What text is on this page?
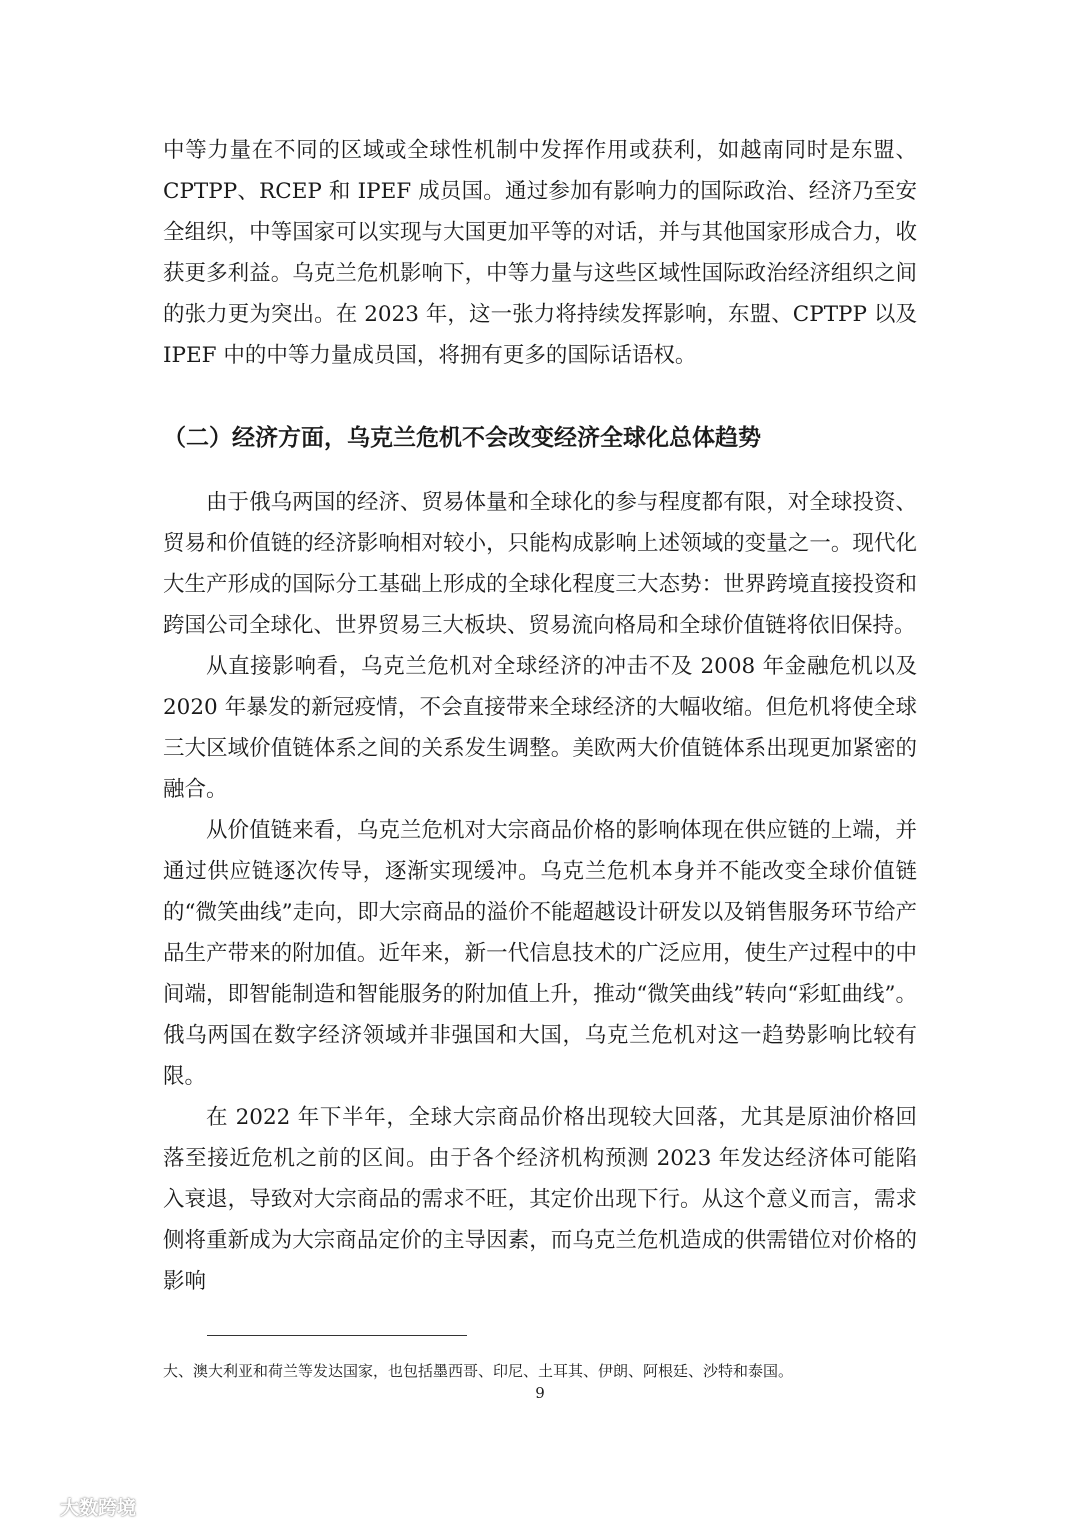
中等力量在不同的区域或全球性机制中发挥作用或获利，如越南同时是东盟、CPTPP、RCEP 和 IPEF 成员国。通过参加有影响力的国际政治、经济乃至安全组织，中等国家可以实现与大国更加平等的对话，并与其他国家形成合力，收获更多利益。乌克兰危机影响下，中等力量与这些区域性国际政治经济组织之间的张力更为突出。在 2023 年，这一张力将持续发挥影响，东盟、CPTPP 以及 IPEF 中的中等力量成员国，将拥有更多的国际话语权。

（二）经济方面，乌克兰危机不会改变经济全球化总体趋势

由于俄乌两国的经济、贸易体量和全球化的参与程度都有限，对全球投资、贸易和价值链的经济影响相对较小，只能构成影响上述领域的变量之一。现代化大生产形成的国际分工基础上形成的全球化程度三大态势：世界跨境直接投资和跨国公司全球化、世界贸易三大板块、贸易流向格局和全球价值链将依旧保持。

从直接影响看，乌克兰危机对全球经济的冲击不及 2008 年金融危机以及 2020 年暴发的新冠疫情，不会直接带来全球经济的大幅收缩。但危机将使全球三大区域价值链体系之间的关系发生调整。美欧两大价值链体系出现更加紧密的融合。

从价值链来看，乌克兰危机对大宗商品价格的影响体现在供应链的上端，并通过供应链逐次传导，逐渐实现缓冲。乌克兰危机本身并不能改变全球价值链的“微笑曲线”走向，即大宗商品的溢价不能超越设计研发以及销售服务环节给产品生产带来的附加值。近年来，新一代信息技术的广泛应用，使生产过程中的中间端，即智能制造和智能服务的附加值上升，推动“微笑曲线”转向“彩虹曲线”。俄乌两国在数字经济领域并非强国和大国，乌克兰危机对这一趋势影响比较有限。

在 2022 年下半年，全球大宗商品价格出现较大回落，尤其是原油价格回落至接近危机之前的区间。由于各个经济机构预测 2023 年发达经济体可能陷入衰退，导致对大宗商品的需求不旺，其定价出现下行。从这个意义而言，需求侧将重新成为大宗商品定价的主导因素，而乌克兰危机造成的供需错位对价格的影响

大、澳大利亚和荷兰等发达国家，也包括墨西哥、印尼、土耳其、伊朗、阿根廷、沙特和泰国。

9
大数跨境
